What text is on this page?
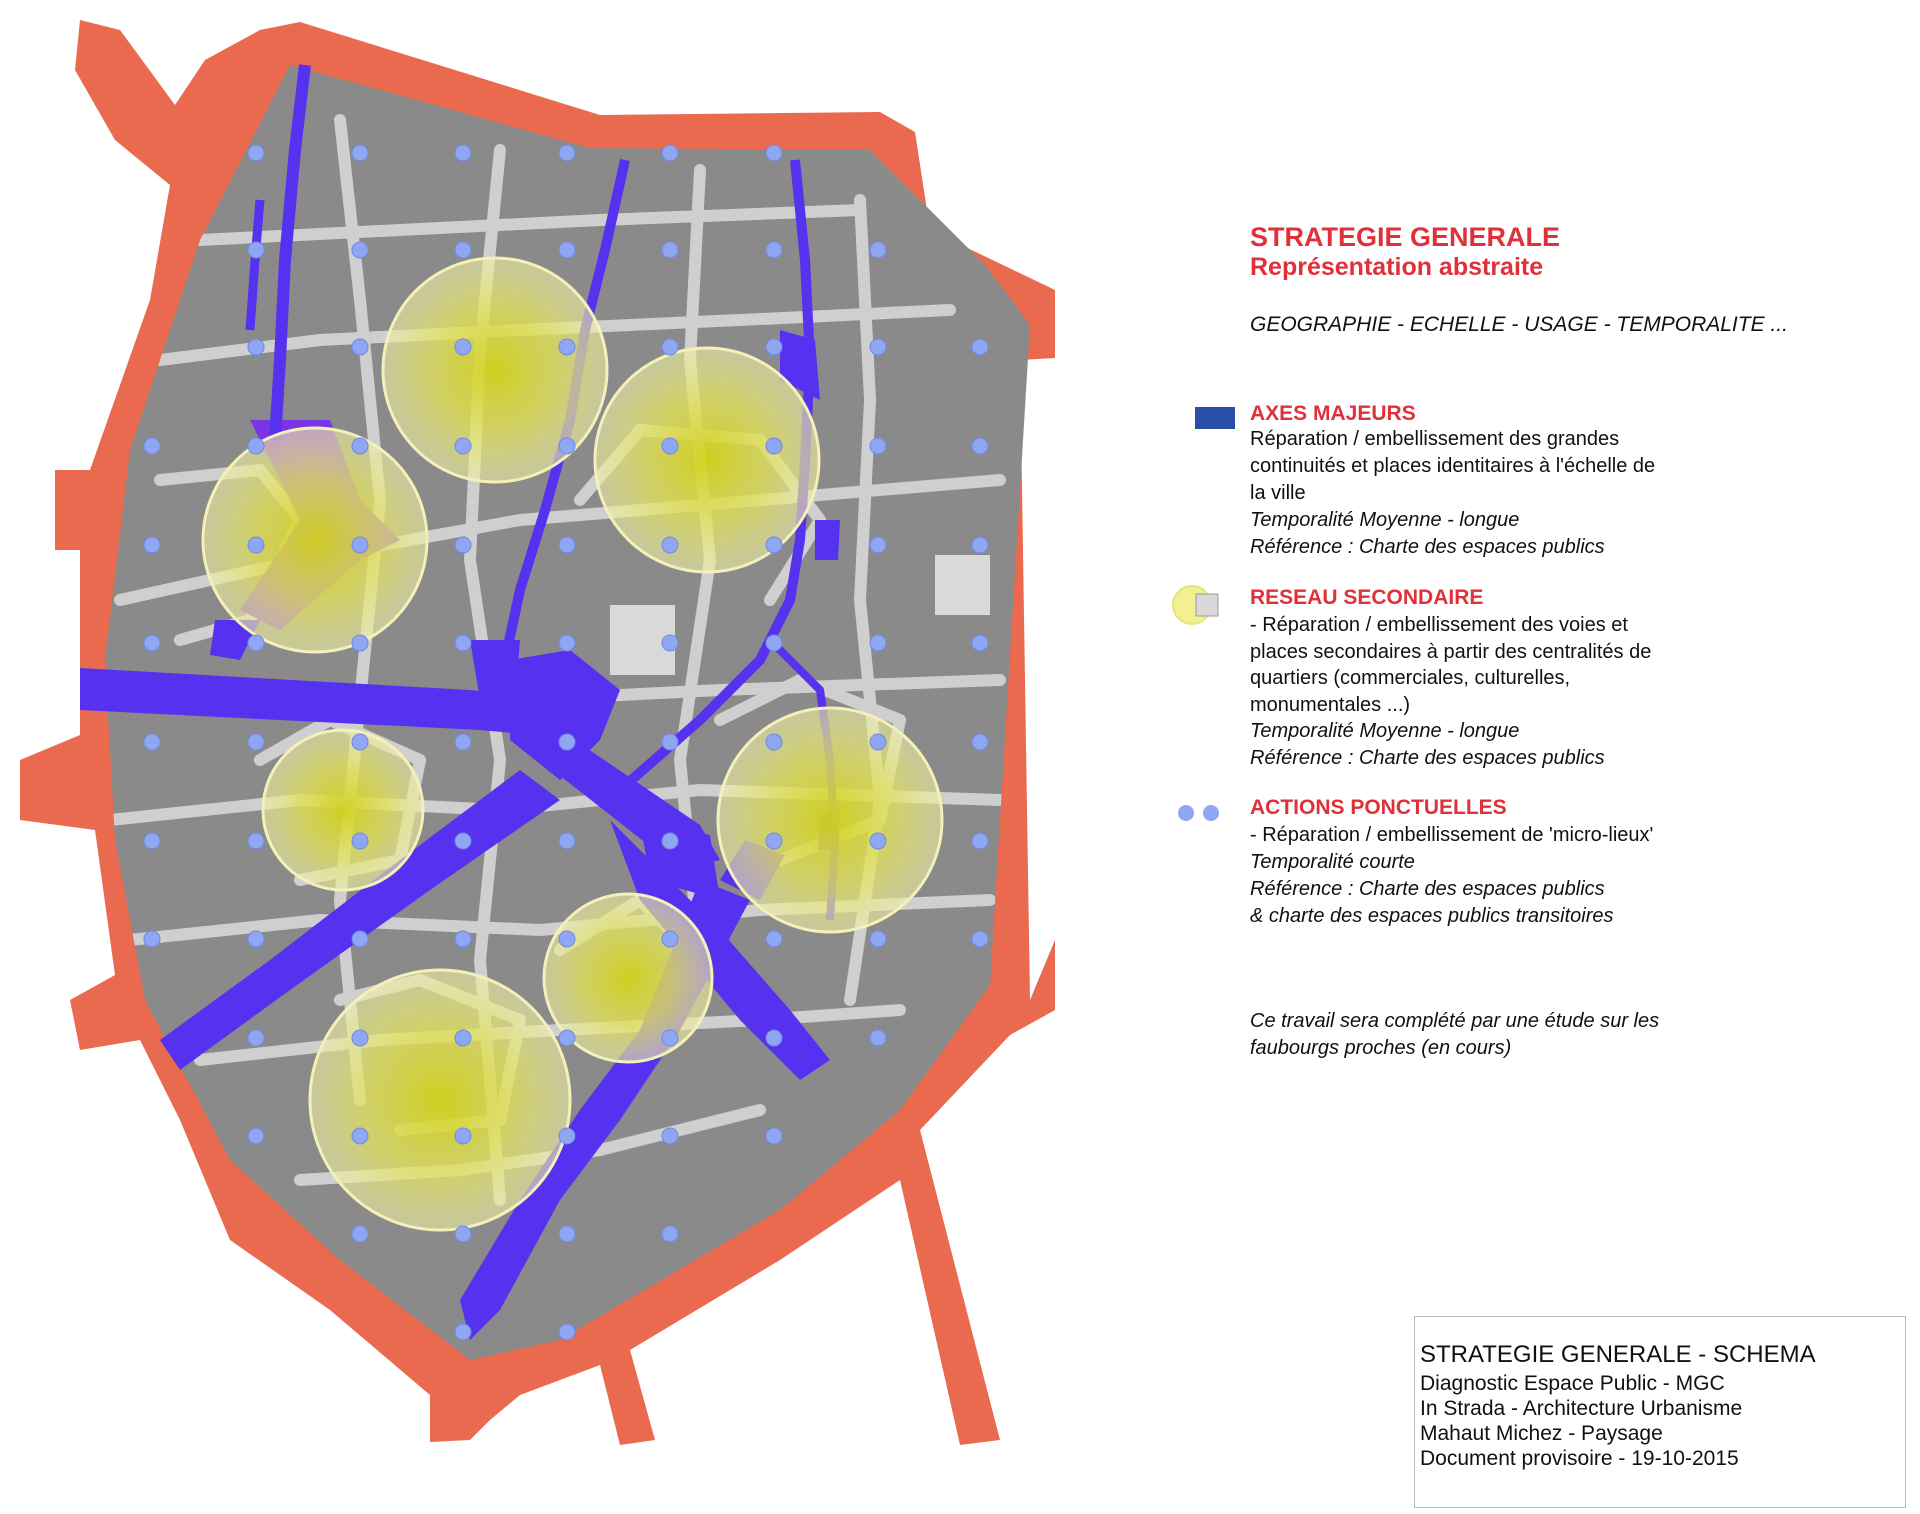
STRATEGIE GENERALE
Représentation abstraite
GEOGRAPHIE - ECHELLE - USAGE - TEMPORALITE ...
AXES MAJEURS
Réparation / embellissement des grandes
continuités et places identitaires à l'échelle de
la ville
Temporalité Moyenne - longue
Référence : Charte des espaces publics
RESEAU SECONDAIRE
- Réparation / embellissement des voies et
places secondaires à partir des centralités de
quartiers (commerciales, culturelles,
monumentales ...)
Temporalité Moyenne - longue
Référence : Charte des espaces publics
ACTIONS PONCTUELLES
- Réparation / embellissement de 'micro-lieux'
Temporalité courte
Référence : Charte des espaces publics
& charte des espaces publics transitoires
Ce travail sera complété par une étude sur les
faubourgs proches (en cours)
STRATEGIE GENERALE - SCHEMA
Diagnostic Espace Public - MGC
In Strada - Architecture Urbanisme
Mahaut Michez - Paysage
Document provisoire - 19-10-2015
